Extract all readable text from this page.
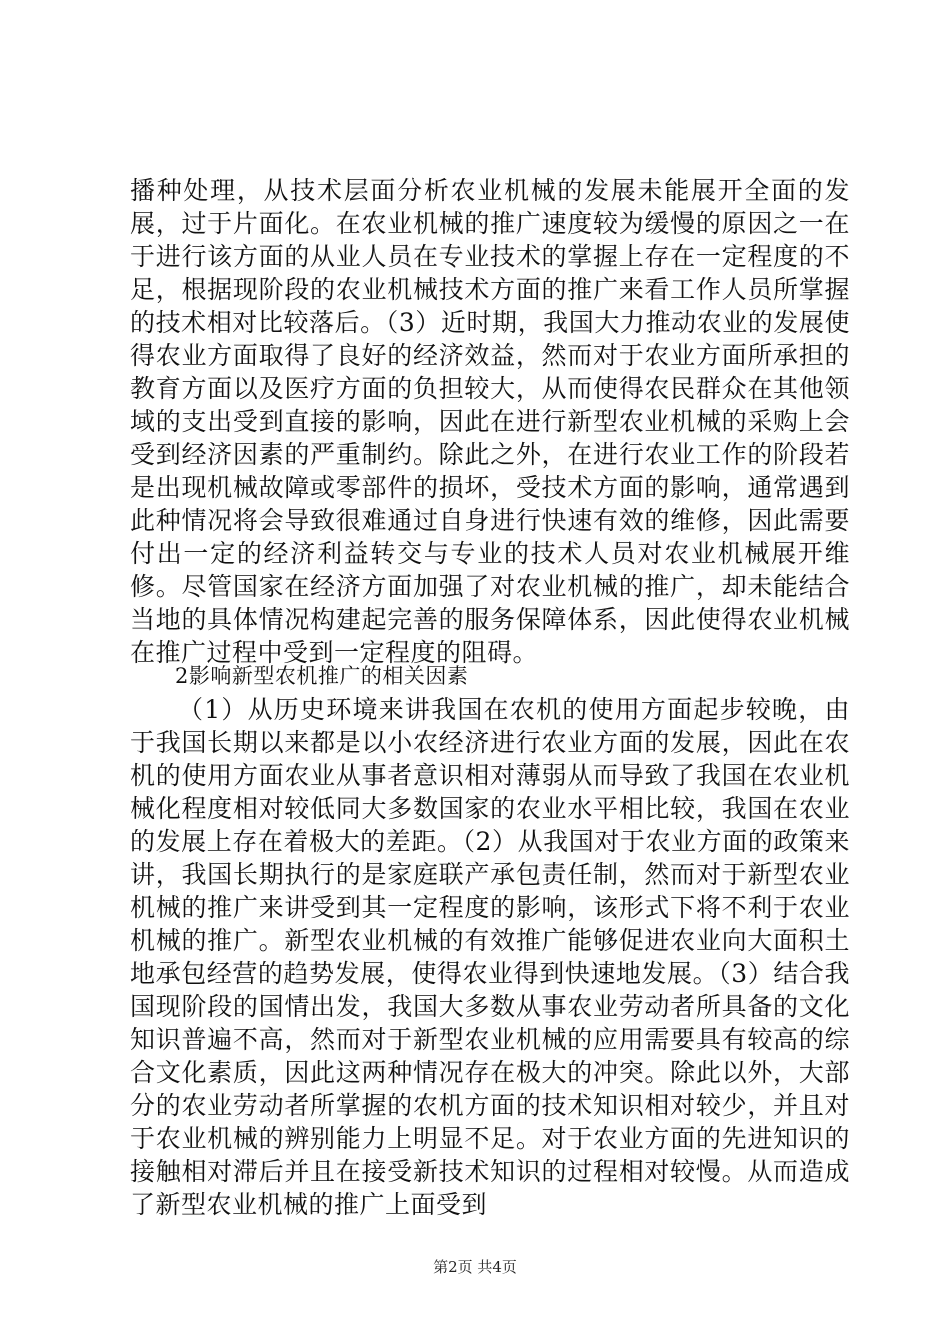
播种处理，从技术层面分析农业机械的发展未能展开全面的发展，过于片面化。在农业机械的推广速度较为缓慢的原因之一在于进行该方面的从业人员在专业技术的掌握上存在一定程度的不足，根据现阶段的农业机械技术方面的推广来看工作人员所掌握的技术相对比较落后。（3）近时期，我国大力推动农业的发展使得农业方面取得了良好的经济效益，然而对于农业方面所承担的教育方面以及医疗方面的负担较大，从而使得农民群众在其他领域的支出受到直接的影响，因此在进行新型农业机械的采购上会受到经济因素的严重制约。除此之外，在进行农业工作的阶段若是出现机械故障或零部件的损坏，受技术方面的影响，通常遇到此种情况将会导致很难通过自身进行快速有效的维修，因此需要付出一定的经济利益转交与专业的技术人员对农业机械展开维修。尽管国家在经济方面加强了对农业机械的推广，却未能结合当地的具体情况构建起完善的服务保障体系，因此使得农业机械在推广过程中受到一定程度的阻碍。

2影响新型农机推广的相关因素

（1）从历史环境来讲我国在农机的使用方面起步较晚，由于我国长期以来都是以小农经济进行农业方面的发展，因此在农机的使用方面农业从事者意识相对薄弱从而导致了我国在农业机械化程度相对较低同大多数国家的农业水平相比较，我国在农业的发展上存在着极大的差距。（2）从我国对于农业方面的政策来讲，我国长期执行的是家庭联产承包责任制，然而对于新型农业机械的推广来讲受到其一定程度的影响，该形式下将不利于农业机械的推广。新型农业机械的有效推广能够促进农业向大面积土地承包经营的趋势发展，使得农业得到快速地发展。（3）结合我国现阶段的国情出发，我国大多数从事农业劳动者所具备的文化知识普遍不高，然而对于新型农业机械的应用需要具有较高的综合文化素质，因此这两种情况存在极大的冲突。除此以外，大部分的农业劳动者所掌握的农机方面的技术知识相对较少，并且对于农业机械的辨别能力上明显不足。对于农业方面的先进知识的接触相对滞后并且在接受新技术知识的过程相对较慢。从而造成了新型农业机械的推广上面受到

第2页 共4页
